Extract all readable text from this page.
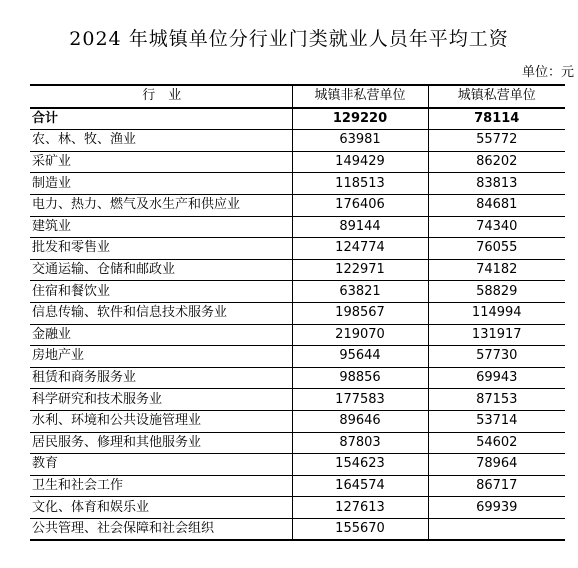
2024 年城镇单位分行业门类就业人员年平均工资
单位：元
行　业	城镇非私营单位	城镇私营单位
合计	129220	78114
农、林、牧、渔业	63981	55772
采矿业	149429	86202
制造业	118513	83813
电力、热力、燃气及水生产和供应业	176406	84681
建筑业	89144	74340
批发和零售业	124774	76055
交通运输、仓储和邮政业	122971	74182
住宿和餐饮业	63821	58829
信息传输、软件和信息技术服务业	198567	114994
金融业	219070	131917
房地产业	95644	57730
租赁和商务服务业	98856	69943
科学研究和技术服务业	177583	87153
水利、环境和公共设施管理业	89646	53714
居民服务、修理和其他服务业	87803	54602
教育	154623	78964
卫生和社会工作	164574	86717
文化、体育和娱乐业	127613	69939
公共管理、社会保障和社会组织	155670	
